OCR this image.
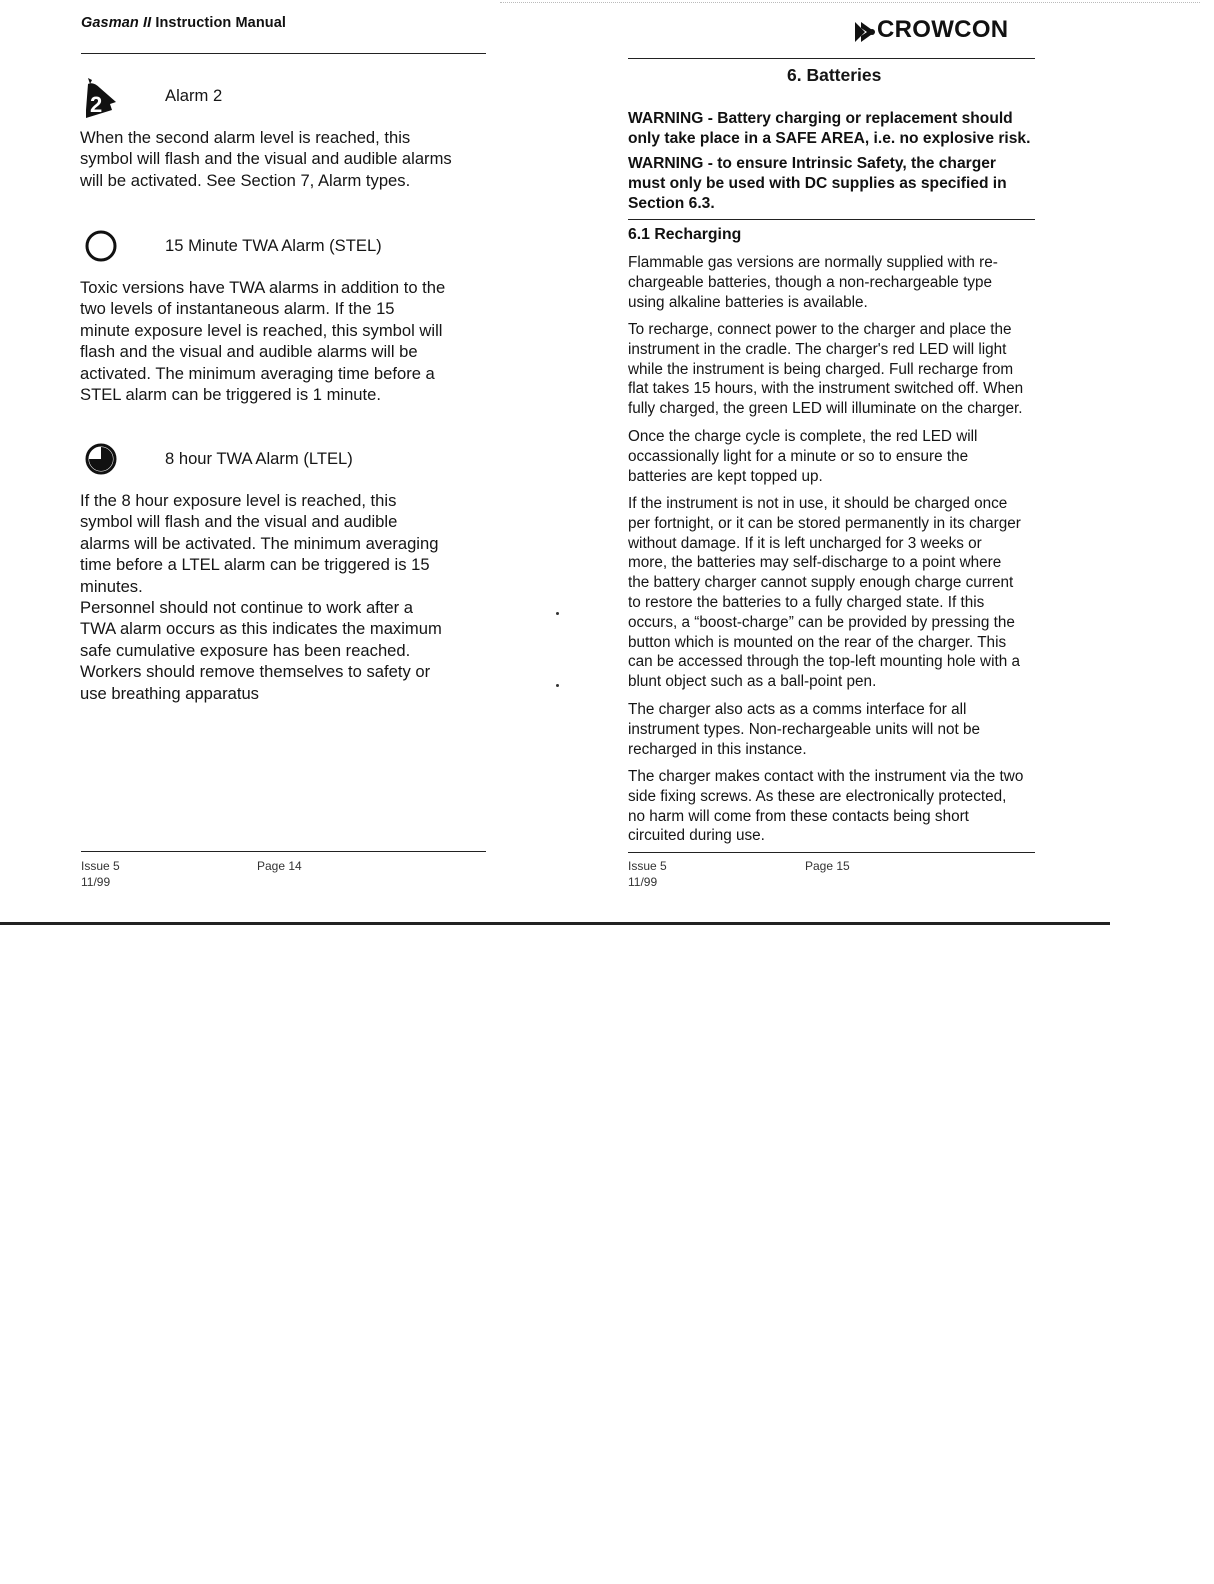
Gasman II Instruction Manual	CROWCON
2	Alarm 2
When the second alarm level is reached, this
symbol will flash and the visual and audible alarms
will be activated. See Section 7, Alarm types.
15 Minute TWA Alarm (STEL)
Toxic versions have TWA alarms in addition to the
two levels of instantaneous alarm. If the 15
minute exposure level is reached, this symbol will
flash and the visual and audible alarms will be
activated. The minimum averaging time before a
STEL alarm can be triggered is 1 minute.
8 hour TWA Alarm (LTEL)
If the 8 hour exposure level is reached, this
symbol will flash and the visual and audible
alarms will be activated. The minimum averaging
time before a LTEL alarm can be triggered is 15
minutes.
Personnel should not continue to work after a
TWA alarm occurs as this indicates the maximum
safe cumulative exposure has been reached.
Workers should remove themselves to safety or
use breathing apparatus
Issue 5
11/99
Page 14
6. Batteries
WARNING - Battery charging or replacement should
only take place in a SAFE AREA, i.e. no explosive risk.
WARNING - to ensure Intrinsic Safety, the charger
must only be used with DC supplies as specified in
Section 6.3.
6.1 Recharging
Flammable gas versions are normally supplied with re-
chargeable batteries, though a non-rechargeable type
using alkaline batteries is available.
To recharge, connect power to the charger and place the
instrument in the cradle. The charger's red LED will light
while the instrument is being charged. Full recharge from
flat takes 15 hours, with the instrument switched off. When
fully charged, the green LED will illuminate on the charger.
Once the charge cycle is complete, the red LED will
occassionally light for a minute or so to ensure the
batteries are kept topped up.
If the instrument is not in use, it should be charged once
per fortnight, or it can be stored permanently in its charger
without damage. If it is left uncharged for 3 weeks or
more, the batteries may self-discharge to a point where
the battery charger cannot supply enough charge current
to restore the batteries to a fully charged state. If this
occurs, a “boost-charge” can be provided by pressing the
button which is mounted on the rear of the charger. This
can be accessed through the top-left mounting hole with a
blunt object such as a ball-point pen.
The charger also acts as a comms interface for all
instrument types. Non-rechargeable units will not be
recharged in this instance.
The charger makes contact with the instrument via the two
side fixing screws. As these are electronically protected,
no harm will come from these contacts being short
circuited during use.
Issue 5
11/99
Page 15
